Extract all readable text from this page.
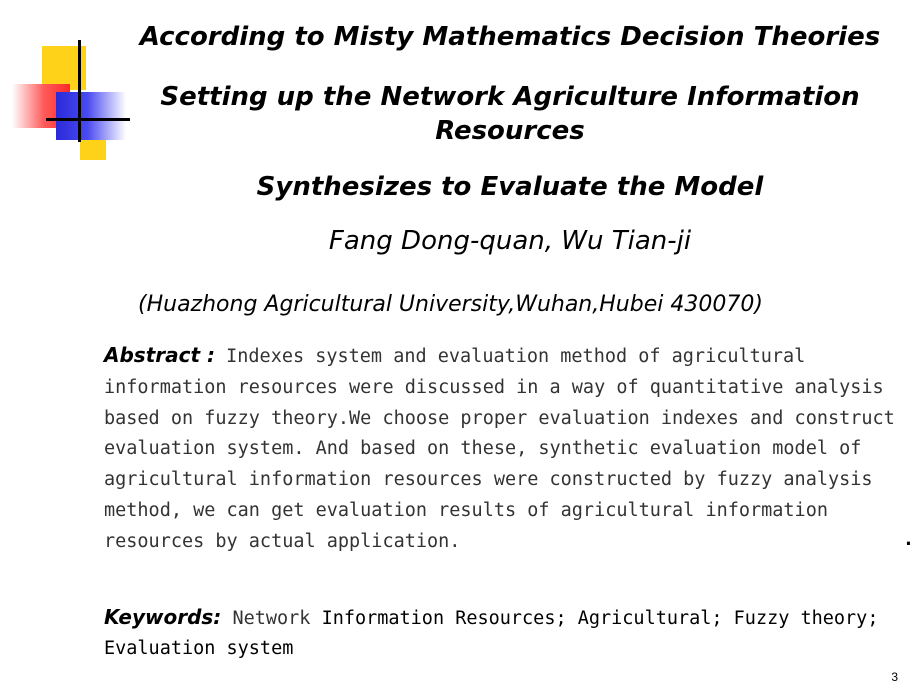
According to Misty Mathematics Decision Theories
Setting up the Network Agriculture Information Resources
Synthesizes to Evaluate the Model
Fang Dong-quan, Wu Tian-ji
(Huazhong Agricultural University,Wuhan,Hubei 430070)
Abstract : Indexes system and evaluation method of agricultural information resources were discussed in a way of quantitative analysis based on fuzzy theory.We choose proper evaluation indexes and construct evaluation system. And based on these, synthetic evaluation model of agricultural information resources were constructed by fuzzy analysis method, we can get evaluation results of agricultural information resources by actual application.	.
Keywords: Network Information Resources; Agricultural; Fuzzy theory; Evaluation system
3
